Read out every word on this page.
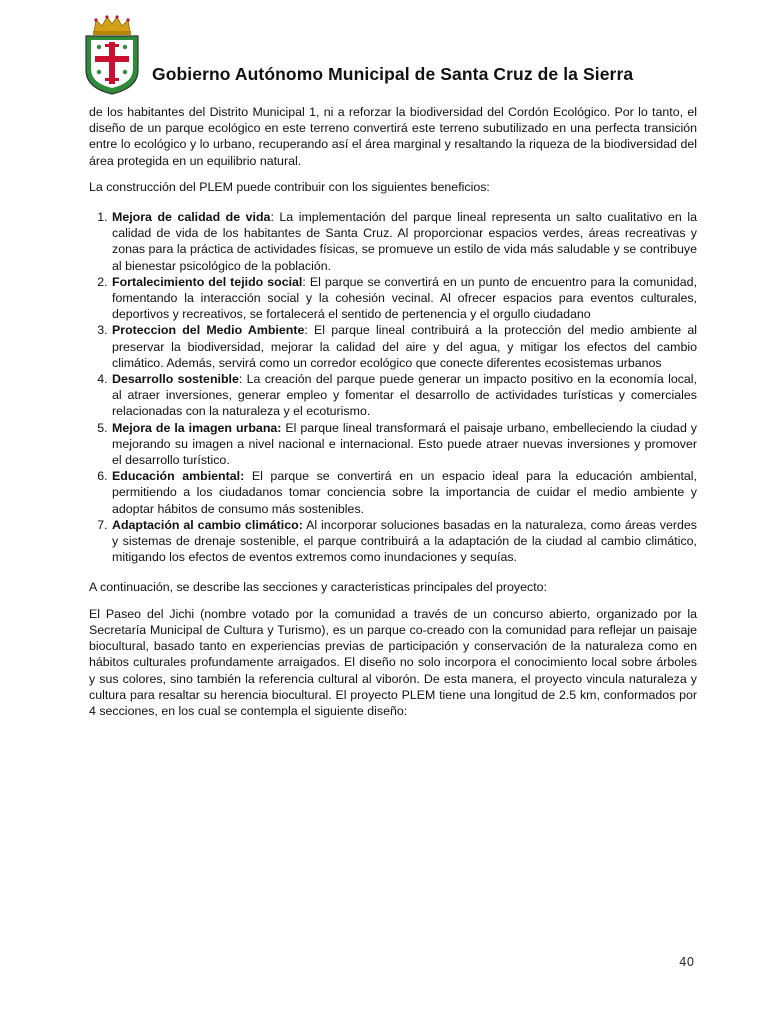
Gobierno Autónomo Municipal de Santa Cruz de la Sierra

de los habitantes del Distrito Municipal 1, ni a reforzar la biodiversidad del Cordón Ecológico. Por lo tanto, el diseño de un parque ecológico en este terreno convertirá este terreno subutilizado en una perfecta transición entre lo ecológico y lo urbano, recuperando así el área marginal y resaltando la riqueza de la biodiversidad del área protegida en un equilibrio natural.

La construcción del PLEM puede contribuir con los siguientes beneficios:

1. Mejora de calidad de vida: La implementación del parque lineal representa un salto cualitativo en la calidad de vida de los habitantes de Santa Cruz. Al proporcionar espacios verdes, áreas recreativas y zonas para la práctica de actividades físicas, se promueve un estilo de vida más saludable y se contribuye al bienestar psicológico de la población.
2. Fortalecimiento del tejido social: El parque se convertirá en un punto de encuentro para la comunidad, fomentando la interacción social y la cohesión vecinal. Al ofrecer espacios para eventos culturales, deportivos y recreativos, se fortalecerá el sentido de pertenencia y el orgullo ciudadano
3. Proteccion del Medio Ambiente: El parque lineal contribuirá a la protección del medio ambiente al preservar la biodiversidad, mejorar la calidad del aire y del agua, y mitigar los efectos del cambio climático. Además, servirá como un corredor ecológico que conecte diferentes ecosistemas urbanos
4. Desarrollo sostenible: La creación del parque puede generar un impacto positivo en la economía local, al atraer inversiones, generar empleo y fomentar el desarrollo de actividades turísticas y comerciales relacionadas con la naturaleza y el ecoturismo.
5. Mejora de la imagen urbana: El parque lineal transformará el paisaje urbano, embelleciendo la ciudad y mejorando su imagen a nivel nacional e internacional. Esto puede atraer nuevas inversiones y promover el desarrollo turístico.
6. Educación ambiental: El parque se convertirá en un espacio ideal para la educación ambiental, permitiendo a los ciudadanos tomar conciencia sobre la importancia de cuidar el medio ambiente y adoptar hábitos de consumo más sostenibles.
7. Adaptación al cambio climático: Al incorporar soluciones basadas en la naturaleza, como áreas verdes y sistemas de drenaje sostenible, el parque contribuirá a la adaptación de la ciudad al cambio climático, mitigando los efectos de eventos extremos como inundaciones y sequías.

A continuación, se describe las secciones y caracteristicas principales del proyecto:

El Paseo del Jichi (nombre votado por la comunidad a través de un concurso abierto, organizado por la Secretaría Municipal de Cultura y Turismo), es un parque co-creado con la comunidad para reflejar un paisaje biocultural, basado tanto en experiencias previas de participación y conservación de la naturaleza como en hábitos culturales profundamente arraigados. El diseño no solo incorpora el conocimiento local sobre árboles y sus colores, sino también la referencia cultural al viborón. De esta manera, el proyecto vincula naturaleza y cultura para resaltar su herencia biocultural. El proyecto PLEM tiene una longitud de 2.5 km, conformados por 4 secciones, en los cual se contempla el siguiente diseño:

40
